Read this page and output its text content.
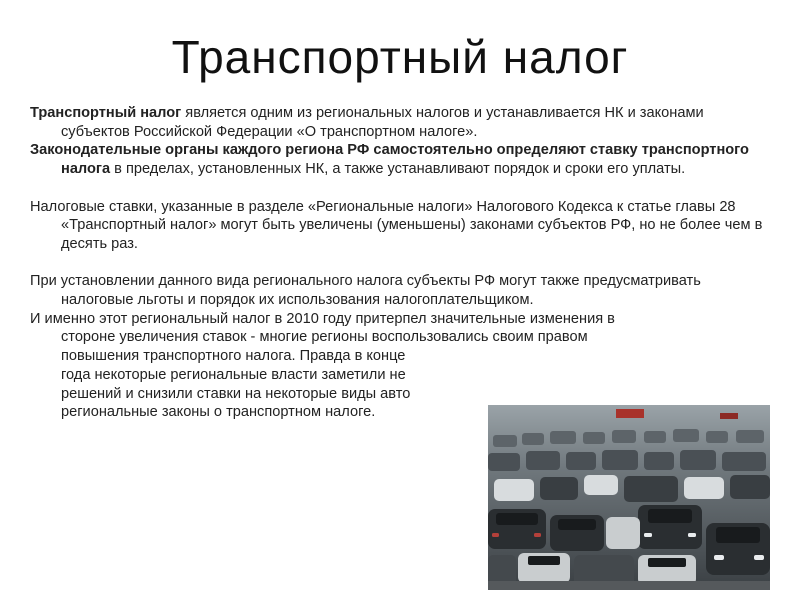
Транспортный налог

Транспортный налог является одним из региональных налогов и устанавливается НК и законами субъектов Российской Федерации «О транспортном налоге».

Законодательные органы каждого региона РФ самостоятельно определяют ставку транспортного налога в пределах, установленных НК, а также устанавливают порядок и сроки его уплаты.

Налоговые ставки, указанные в разделе «Региональные налоги» Налогового Кодекса к статье главы 28 «Транспортный налог» могут быть увеличены (уменьшены) законами субъектов РФ, но не более чем в десять раз.

При установлении данного вида регионального налога субъекты РФ могут также предусматривать налоговые льготы и порядок их использования налогоплательщиком.

И именно этот региональный налог в 2010 году притерпел значительные изменения в
стороне увеличения ставок - многие регионы воспользовались своим правом
повышения транспортного налога. Правда в конце
года некоторые региональные власти заметили не
решений и снизили ставки на некоторые виды авто
региональные законы о транспортном налоге.
